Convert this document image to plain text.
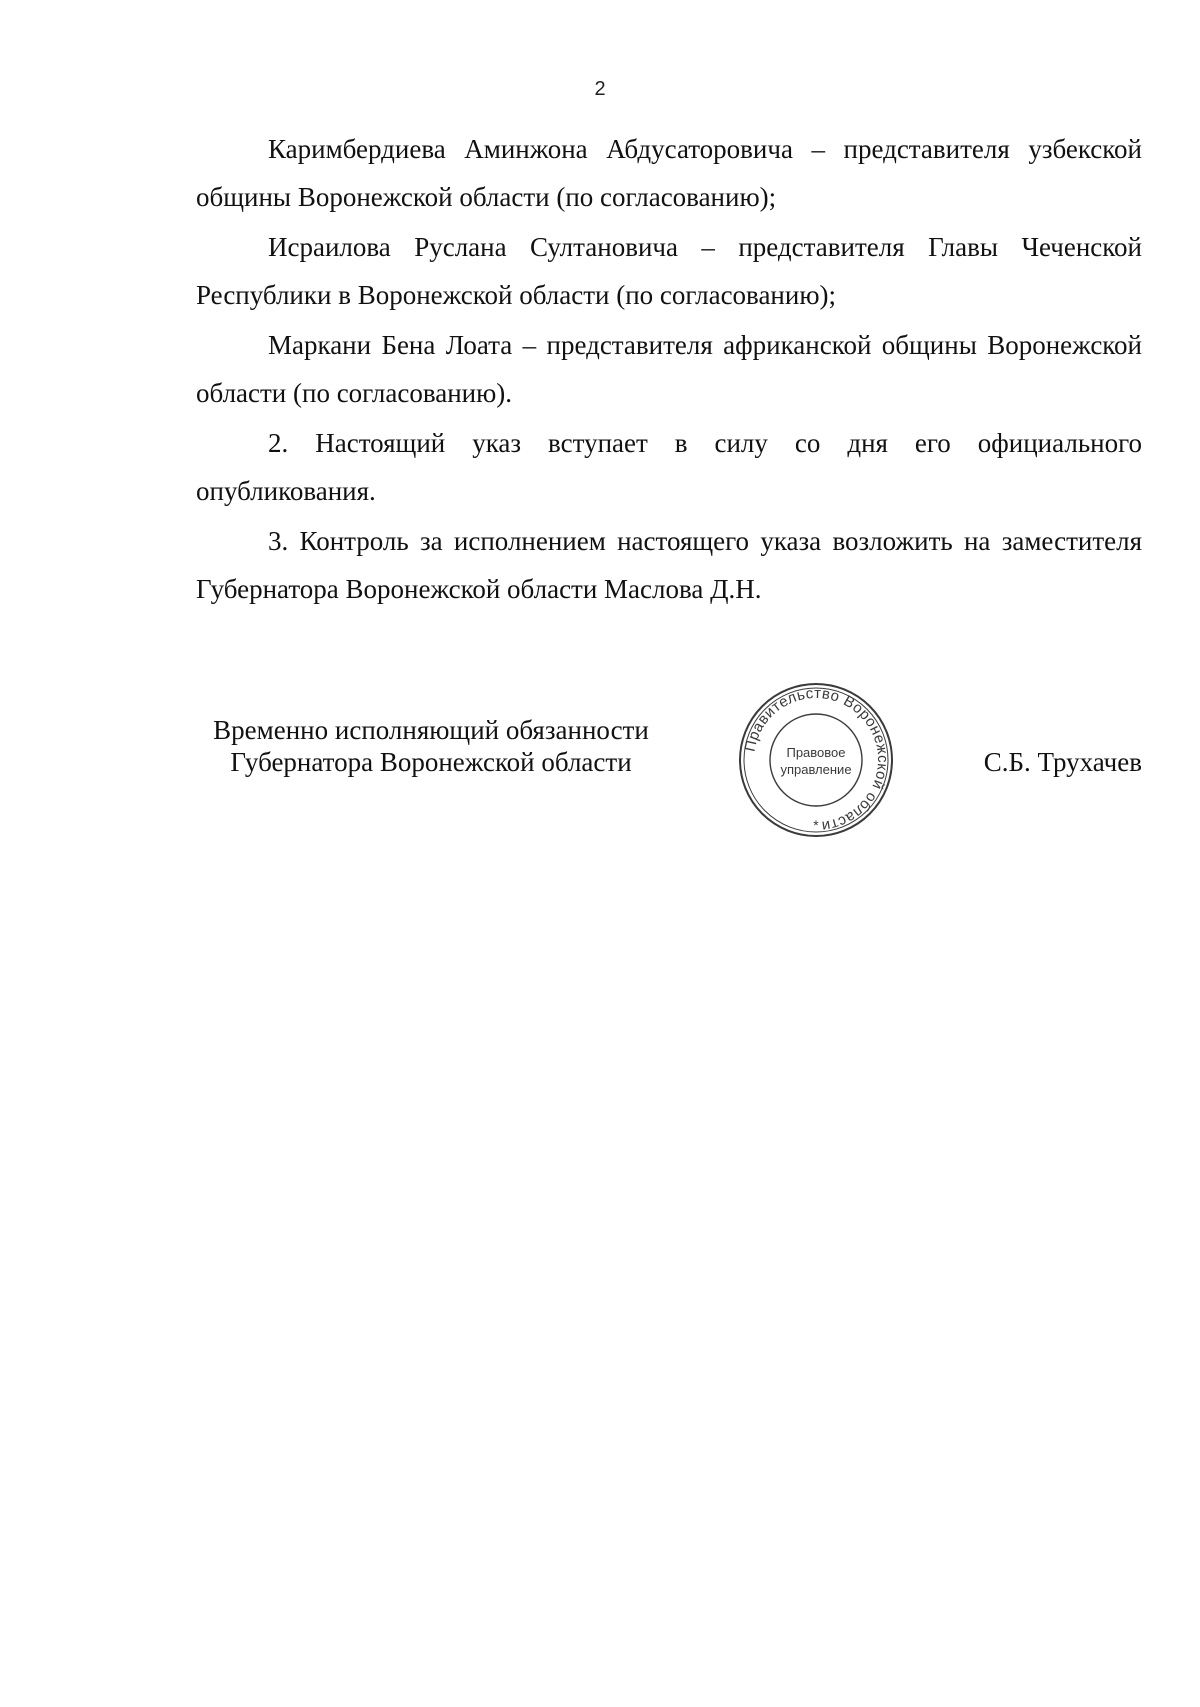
2

Каримбердиева Аминжона Абдусаторовича – представителя узбекской общины Воронежской области (по согласованию);

Исраилова Руслана Султановича – представителя Главы Чеченской Республики в Воронежской области (по согласованию);

Маркани Бена Лоата – представителя африканской общины Воронежской области (по согласованию).

2. Настоящий указ вступает в силу со дня его официального опубликования.

3. Контроль за исполнением настоящего указа возложить на заместителя Губернатора Воронежской области Маслова Д.Н.

Временно исполняющий обязанности
Губернатора Воронежской области
Правительство Воронежской области
Правовое
управление
*
С.Б. Трухачев
